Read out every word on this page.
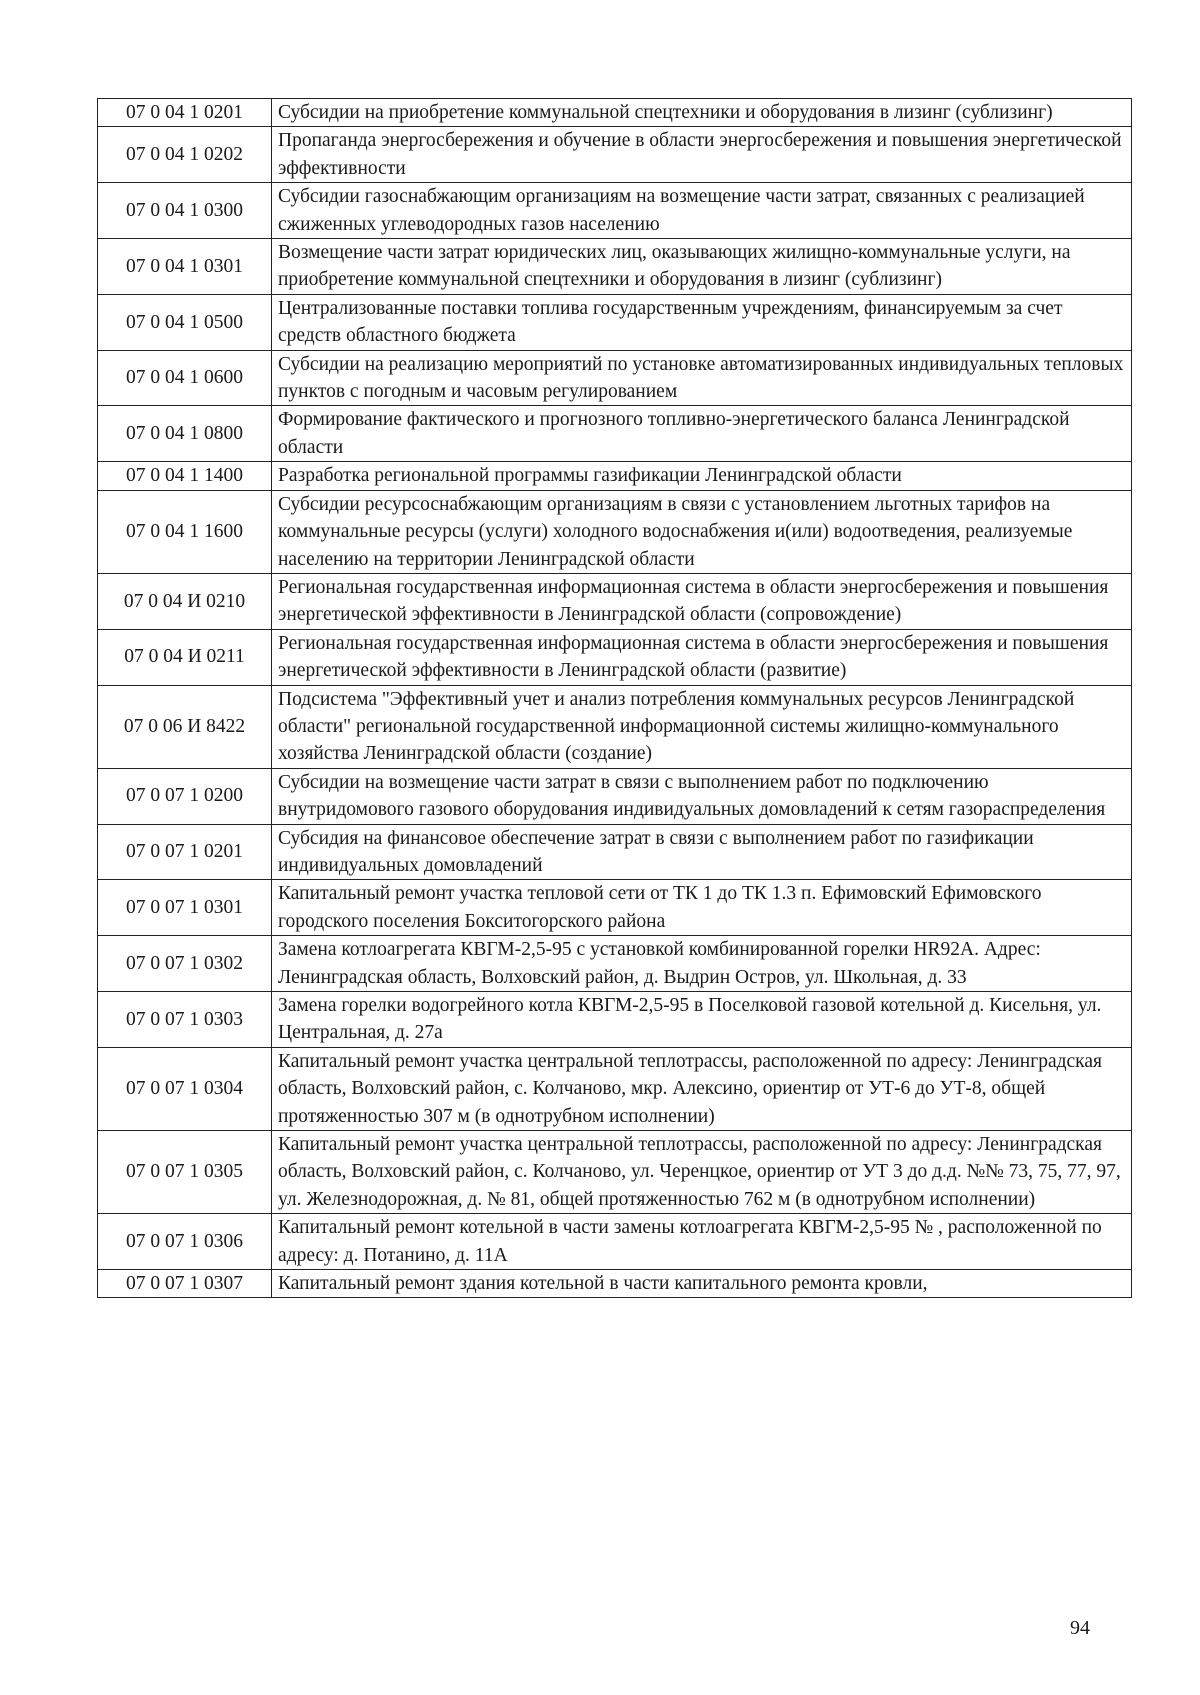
07 0 04 1 0201	Субсидии на приобретение коммунальной спецтехники и оборудования в лизинг (сублизинг)
07 0 04 1 0202	Пропаганда энергосбережения и обучение в области энергосбережения и повышения энергетической эффективности
07 0 04 1 0300	Субсидии газоснабжающим организациям на возмещение части затрат, связанных с реализацией сжиженных углеводородных газов населению
07 0 04 1 0301	Возмещение части затрат юридических лиц, оказывающих жилищно-коммунальные услуги, на приобретение коммунальной спецтехники и оборудования в лизинг (сублизинг)
07 0 04 1 0500	Централизованные поставки топлива государственным учреждениям, финансируемым за счет средств областного бюджета
07 0 04 1 0600	Субсидии на реализацию мероприятий по установке автоматизированных индивидуальных тепловых пунктов с погодным и часовым регулированием
07 0 04 1 0800	Формирование фактического и прогнозного топливно-энергетического баланса Ленинградской области
07 0 04 1 1400	Разработка региональной программы газификации Ленинградской области
07 0 04 1 1600	Субсидии ресурсоснабжающим организациям в связи с установлением льготных тарифов на коммунальные ресурсы (услуги) холодного водоснабжения и(или) водоотведения, реализуемые населению на территории Ленинградской области
07 0 04 И 0210	Региональная государственная информационная система в области энергосбережения и повышения энергетической эффективности в Ленинградской области (сопровождение)
07 0 04 И 0211	Региональная государственная информационная система в области энергосбережения и повышения энергетической эффективности в Ленинградской области (развитие)
07 0 06 И 8422	Подсистема "Эффективный учет и анализ потребления коммунальных ресурсов Ленинградской области" региональной государственной информационной системы жилищно-коммунального хозяйства Ленинградской области (создание)
07 0 07 1 0200	Субсидии на возмещение части затрат в связи с выполнением работ по подключению внутридомового газового оборудования индивидуальных домовладений к сетям газораспределения
07 0 07 1 0201	Субсидия на финансовое обеспечение затрат в связи с выполнением работ по газификации индивидуальных домовладений
07 0 07 1 0301	Капитальный ремонт участка тепловой сети от ТК 1 до ТК 1.3 п. Ефимовский Ефимовского городского поселения Бокситогорского района
07 0 07 1 0302	Замена котлоагрегата КВГМ-2,5-95 с установкой комбинированной горелки HR92A. Адрес: Ленинградская область, Волховский район, д. Выдрин Остров, ул. Школьная, д. 33
07 0 07 1 0303	Замена горелки водогрейного котла КВГМ-2,5-95 в Поселковой газовой котельной д. Кисельня, ул. Центральная, д. 27а
07 0 07 1 0304	Капитальный ремонт участка центральной теплотрассы, расположенной по адресу: Ленинградская область, Волховский район, с. Колчаново, мкр. Алексино, ориентир от УТ-6 до УТ-8, общей протяженностью 307 м (в однотрубном исполнении)
07 0 07 1 0305	Капитальный ремонт участка центральной теплотрассы, расположенной по адресу: Ленинградская область, Волховский район, с. Колчаново, ул. Черенцкое, ориентир от УТ 3 до д.д. №№ 73, 75, 77, 97, ул. Железнодорожная, д. № 81, общей протяженностью 762 м (в однотрубном исполнении)
07 0 07 1 0306	Капитальный ремонт котельной в части замены котлоагрегата КВГМ-2,5-95 № , расположенной по адресу: д. Потанино, д. 11А
07 0 07 1 0307	Капитальный ремонт здания котельной в части капитального ремонта кровли,
94
